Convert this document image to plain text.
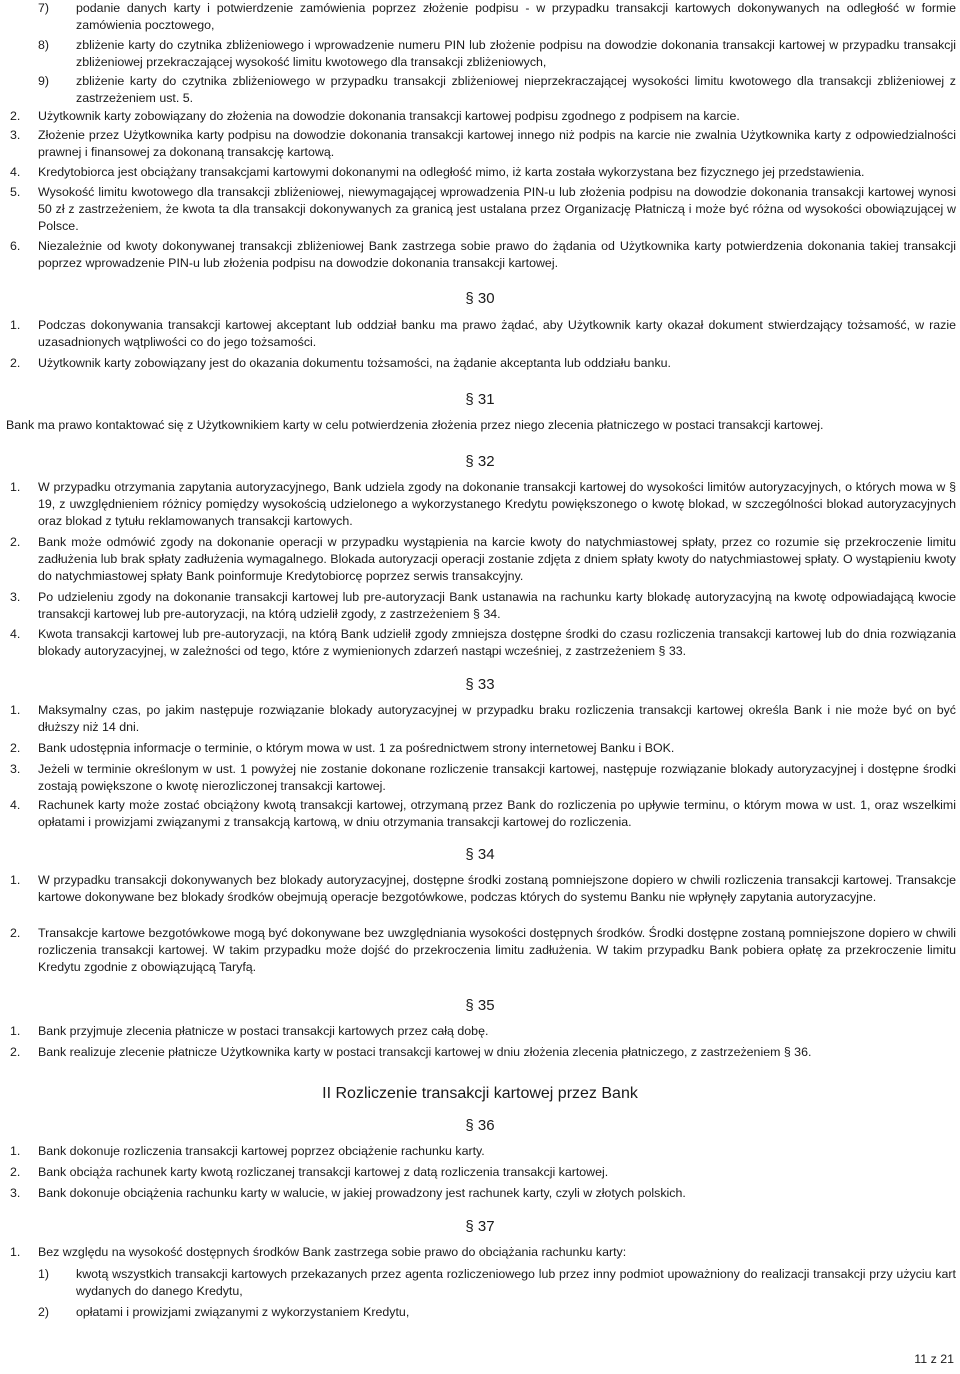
7) podanie danych karty i potwierdzenie zamówienia poprzez złożenie podpisu - w przypadku transakcji kartowych dokonywanych na odległość w formie zamówienia pocztowego,
8) zbliżenie karty do czytnika zbliżeniowego i wprowadzenie numeru PIN lub złożenie podpisu na dowodzie dokonania transakcji kartowej w przypadku transakcji zbliżeniowej przekraczającej wysokość limitu kwotowego dla transakcji zbliżeniowych,
9) zbliżenie karty do czytnika zbliżeniowego w przypadku transakcji zbliżeniowej nieprzekraczającej wysokości limitu kwotowego dla transakcji zbliżeniowej z zastrzeżeniem ust. 5.
2. Użytkownik karty zobowiązany do złożenia na dowodzie dokonania transakcji kartowej podpisu zgodnego z podpisem na karcie.
3. Złożenie przez Użytkownika karty podpisu na dowodzie dokonania transakcji kartowej innego niż podpis na karcie nie zwalnia Użytkownika karty z odpowiedzialności prawnej i finansowej za dokonaną transakcję kartową.
4. Kredytobiorca jest obciążany transakcjami kartowymi dokonanymi na odległość mimo, iż karta została wykorzystana bez fizycznego jej przedstawienia.
5. Wysokość limitu kwotowego dla transakcji zbliżeniowej, niewymagającej wprowadzenia PIN-u lub złożenia podpisu na dowodzie dokonania transakcji kartowej wynosi 50 zł z zastrzeżeniem, że kwota ta dla transakcji dokonywanych za granicą jest ustalana przez Organizację Płatniczą i może być różna od wysokości obowiązującej w Polsce.
6. Niezależnie od kwoty dokonywanej transakcji zbliżeniowej Bank zastrzega sobie prawo do żądania od Użytkownika karty potwierdzenia dokonania takiej transakcji poprzez wprowadzenie PIN-u lub złożenia podpisu na dowodzie dokonania transakcji kartowej.
§ 30
1. Podczas dokonywania transakcji kartowej akceptant lub oddział banku ma prawo żądać, aby Użytkownik karty okazał dokument stwierdzający tożsamość, w razie uzasadnionych wątpliwości co do jego tożsamości.
2. Użytkownik karty zobowiązany jest do okazania dokumentu tożsamości, na żądanie akceptanta lub oddziału banku.
§ 31
Bank ma prawo kontaktować się z Użytkownikiem karty w celu potwierdzenia złożenia przez niego zlecenia płatniczego w postaci transakcji kartowej.
§ 32
1. W przypadku otrzymania zapytania autoryzacyjnego, Bank udziela zgody na dokonanie transakcji kartowej do wysokości limitów autoryzacyjnych, o których mowa w § 19, z uwzględnieniem różnicy pomiędzy wysokością udzielonego a wykorzystanego Kredytu powiększonego o kwotę blokad, w szczególności blokad autoryzacyjnych oraz blokad z tytułu reklamowanych transakcji kartowych.
2. Bank może odmówić zgody na dokonanie operacji w przypadku wystąpienia na karcie kwoty do natychmiastowej spłaty, przez co rozumie się przekroczenie limitu zadłużenia lub brak spłaty zadłużenia wymagalnego. Blokada autoryzacji operacji zostanie zdjęta z dniem spłaty kwoty do natychmiastowej spłaty. O wystąpieniu kwoty do natychmiastowej spłaty Bank poinformuje Kredytobiorcę poprzez serwis transakcyjny.
3. Po udzieleniu zgody na dokonanie transakcji kartowej lub pre-autoryzacji Bank ustanawia na rachunku karty blokadę autoryzacyjną na kwotę odpowiadającą kwocie transakcji kartowej lub pre-autoryzacji, na którą udzielił zgody, z zastrzeżeniem § 34.
4. Kwota transakcji kartowej lub pre-autoryzacji, na którą Bank udzielił zgody zmniejsza dostępne środki do czasu rozliczenia transakcji kartowej lub do dnia rozwiązania blokady autoryzacyjnej, w zależności od tego, które z wymienionych zdarzeń nastąpi wcześniej, z zastrzeżeniem § 33.
§ 33
1. Maksymalny czas, po jakim następuje rozwiązanie blokady autoryzacyjnej w przypadku braku rozliczenia transakcji kartowej określa Bank i nie może być on być dłuższy niż 14 dni.
2. Bank udostępnia informacje o terminie, o którym mowa w ust. 1 za pośrednictwem strony internetowej Banku i BOK.
3. Jeżeli w terminie określonym w ust. 1 powyżej nie zostanie dokonane rozliczenie transakcji kartowej, następuje rozwiązanie blokady autoryzacyjnej i dostępne środki zostają powiększone o kwotę nierozliczonej transakcji kartowej.
4. Rachunek karty może zostać obciążony kwotą transakcji kartowej, otrzymaną przez Bank do rozliczenia po upływie terminu, o którym mowa w ust. 1, oraz wszelkimi opłatami i prowizjami związanymi z transakcją kartową, w dniu otrzymania transakcji kartowej do rozliczenia.
§ 34
1. W przypadku transakcji dokonywanych bez blokady autoryzacyjnej, dostępne środki zostaną pomniejszone dopiero w chwili rozliczenia transakcji kartowej. Transakcje kartowe dokonywane bez blokady środków obejmują operacje bezgotówkowe, podczas których do systemu Banku nie wpłynęły zapytania autoryzacyjne.
2. Transakcje kartowe bezgotówkowe mogą być dokonywane bez uwzględniania wysokości dostępnych środków. Środki dostępne zostaną pomniejszone dopiero w chwili rozliczenia transakcji kartowej. W takim przypadku może dojść do przekroczenia limitu zadłużenia. W takim przypadku Bank pobiera opłatę za przekroczenie limitu Kredytu zgodnie z obowiązującą Taryfą.
§ 35
1. Bank przyjmuje zlecenia płatnicze w postaci transakcji kartowych przez całą dobę.
2. Bank realizuje zlecenie płatnicze Użytkownika karty w postaci transakcji kartowej w dniu złożenia zlecenia płatniczego, z zastrzeżeniem § 36.
II Rozliczenie transakcji kartowej przez Bank
§ 36
1. Bank dokonuje rozliczenia transakcji kartowej poprzez obciążenie rachunku karty.
2. Bank obciąża rachunek karty kwotą rozliczanej transakcji kartowej z datą rozliczenia transakcji kartowej.
3. Bank dokonuje obciążenia rachunku karty w walucie, w jakiej prowadzony jest rachunek karty, czyli w złotych polskich.
§ 37
1. Bez względu na wysokość dostępnych środków Bank zastrzega sobie prawo do obciążania rachunku karty:
1) kwotą wszystkich transakcji kartowych przekazanych przez agenta rozliczeniowego lub przez inny podmiot upoważniony do realizacji transakcji przy użyciu kart wydanych do danego Kredytu,
2) opłatami i prowizjami związanymi z wykorzystaniem Kredytu,
11 z 21
